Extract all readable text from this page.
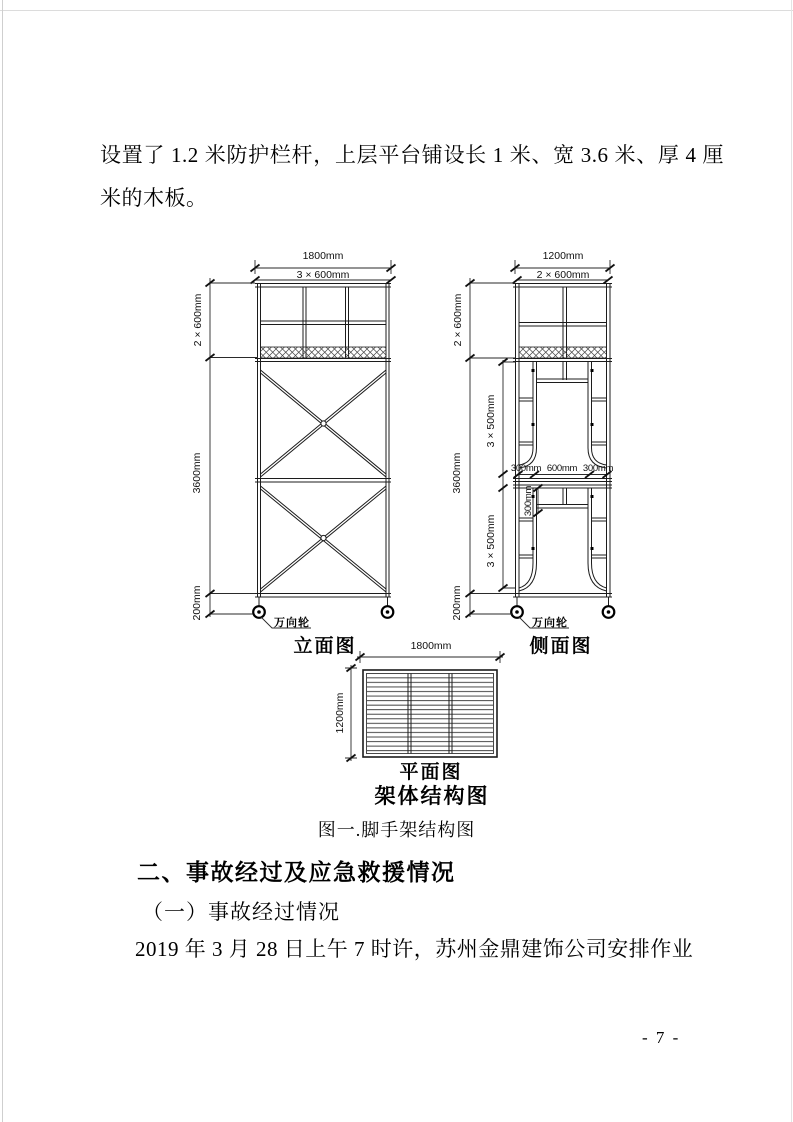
设置了 1.2 米防护栏杆，上层平台铺设长 1 米、宽 3.6 米、厚 4 厘米的木板。
1800mm
3 × 600mm
2 × 600mm
3600mm
200mm
万向轮
立面图
1200mm
2 × 600mm
2 × 600mm
3600mm
200mm
3 × 500mm
3 × 500mm
300mm 600mm 300mm
300mm
万向轮
侧面图
1800mm
1200mm
平面图
架体结构图
图一.脚手架结构图
二、事故经过及应急救援情况
（一）事故经过情况
2019 年 3 月 28 日上午 7 时许，苏州金鼎建饰公司安排作业
- 7 -
